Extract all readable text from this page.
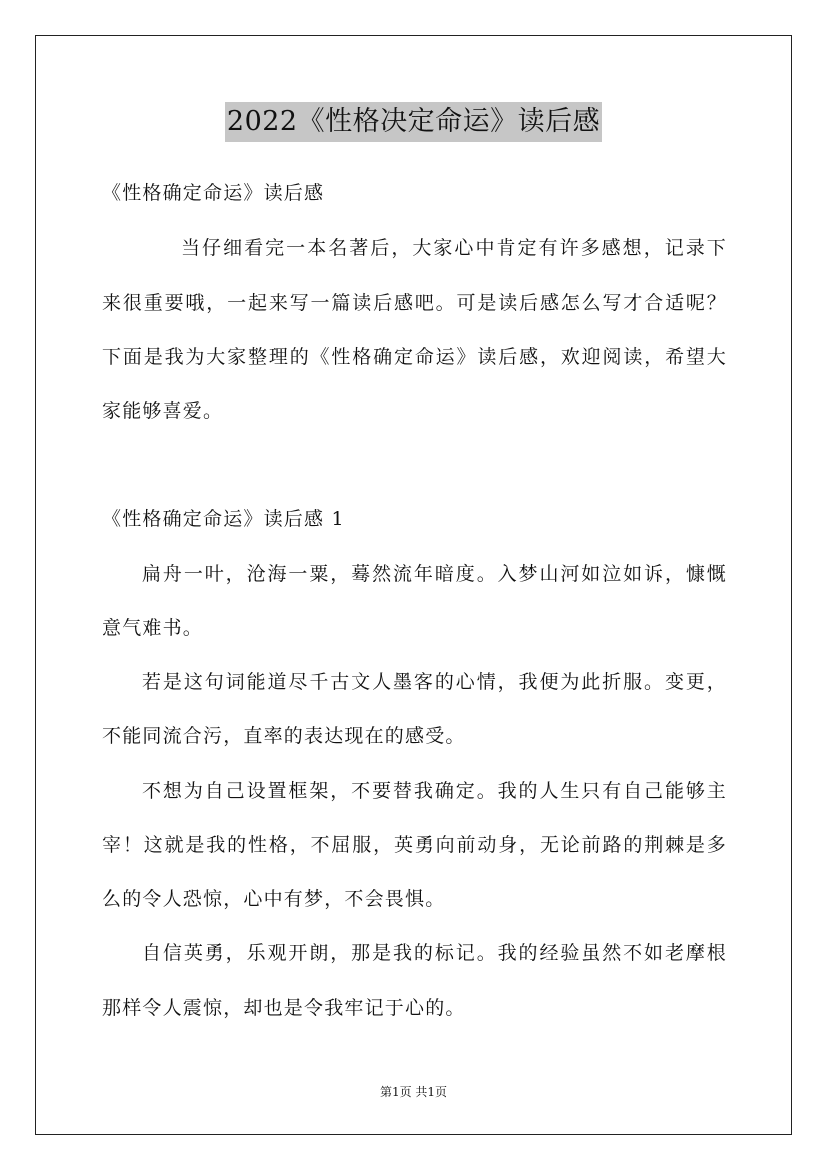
2022《性格决定命运》读后感
《性格确定命运》读后感
当仔细看完一本名著后，大家心中肯定有许多感想，记录下
来很重要哦，一起来写一篇读后感吧。可是读后感怎么写才合适呢？
下面是我为大家整理的《性格确定命运》读后感，欢迎阅读，希望大
家能够喜爱。
《性格确定命运》读后感 1
扁舟一叶，沧海一粟，蓦然流年暗度。入梦山河如泣如诉，慷慨
意气难书。
若是这句词能道尽千古文人墨客的心情，我便为此折服。变更，
不能同流合污，直率的表达现在的感受。
不想为自己设置框架，不要替我确定。我的人生只有自己能够主
宰！这就是我的性格，不屈服，英勇向前动身，无论前路的荆棘是多
么的令人恐惊，心中有梦，不会畏惧。
自信英勇，乐观开朗，那是我的标记。我的经验虽然不如老摩根
那样令人震惊，却也是令我牢记于心的。
第1页 共1页
